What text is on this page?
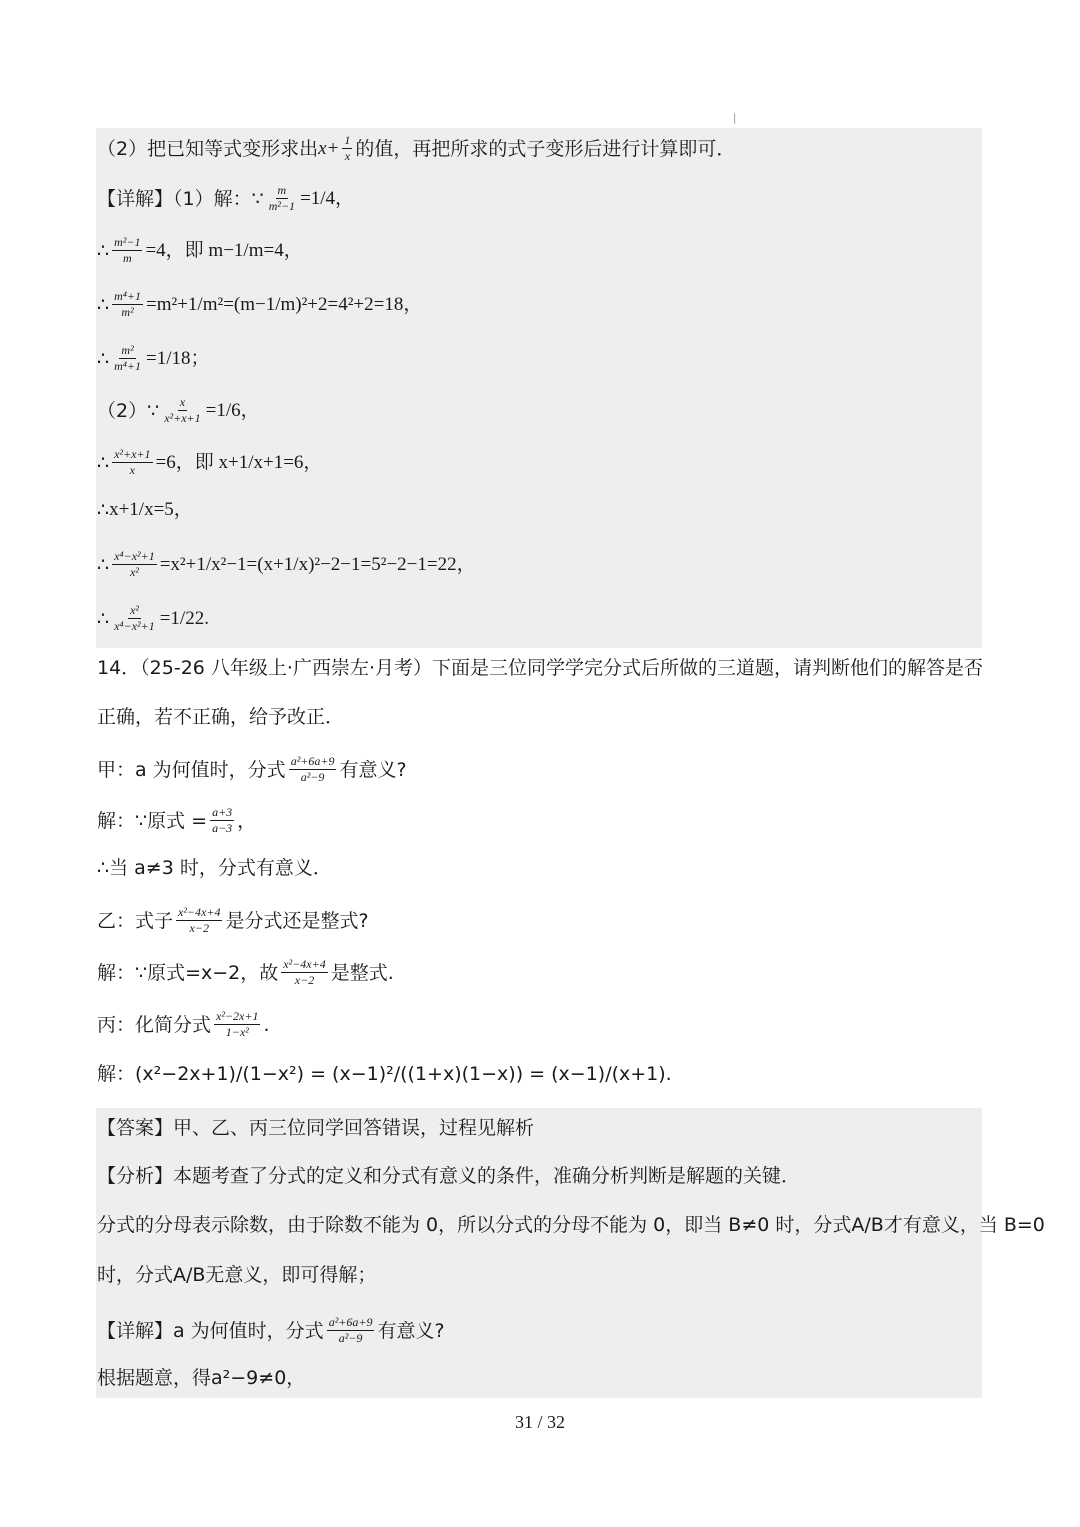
|
（2）把已知等式变形求出 $x+ \frac{1}{x}$ 的值，再把所求的式子变形后进行计算即可．
【详解】（1）解：∵ $\frac{m}{\text{m²−1}} =1/4$，
∴ $\frac{\text{m²−1}}{m} =4$，即 m−1/m=4，
∴ $\frac{\text{m⁴+1}}{\text{m²}} =m^2+1/m^2=(m-1/m)^2+2=4^2+2=18$，
∴ $\frac{\text{m²}}{\text{m⁴+1}} =1/18$；
（2）∵ $\frac{x}{\text{x²+x+1}} =1/6$，
∴ $\frac{\text{x²+x+1}}{x} =6$，即 x+1/x+1=6，
∴ x+1/x=5，
∴ $\frac{\text{x⁴−x²+1}}{\text{x²}} =x^2+1/x^2-1=(x+1/x)^2-2-1=5^2-2-1=22$，
∴ $\frac{\text{x²}}{\text{x⁴−x²+1}} =1/22$.
14．（25-26 八年级上·广西崇左·月考）下面是三位同学学完分式后所做的三道题，请判断他们的解答是否
正确，若不正确，给予改正．
甲：a 为何值时，分式 $\frac{\text{a²+6a+9}}{\text{a²−9}}$ 有意义?
解：∵原式 = $\frac{a+3}{a-3}$ ，
∴当 a≠3 时，分式有意义．
乙：式子 $\frac{\text{x²−4x+4}}{x-2}$ 是分式还是整式?
解：∵原式=x−2，故 $\frac{\text{x²−4x+4}}{x-2}$ 是整式.
丙：化简分式 $\frac{\text{x²−2x+1}}{\text{1−x²}}$ .
解：(x²−2x+1)/(1−x²) = (x−1)²/((1+x)(1−x)) = (x−1)/(x+1).
【答案】甲、乙、丙三位同学回答错误，过程见解析
【分析】本题考查了分式的定义和分式有意义的条件，准确分析判断是解题的关键．
分式的分母表示除数，由于除数不能为 0，所以分式的分母不能为 0，即当 B≠0 时，分式A/B才有意义，当 B=0
时，分式A/B无意义，即可得解；
【详解】a 为何值时，分式 $\frac{\text{a²+6a+9}}{\text{a²−9}}$ 有意义?
根据题意，得a²−9≠0，
31 / 32
